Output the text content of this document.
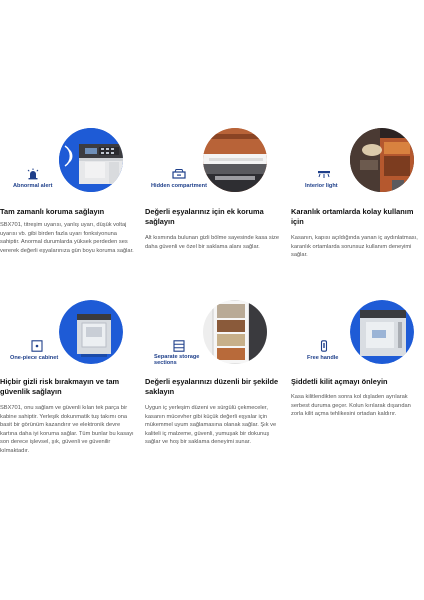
Abnormal alert
Tam zamanlı koruma sağlayın
SBX701, titreşim uyarısı, yanlış uyarı, düşük voltaj uyarısı vb. gibi birden fazla uyarı fonksiyonuna sahiptir. Anormal durumlarda yüksek perdeden ses vererek değerli eşyalarınıza gün boyu koruma sağlar.
Hidden compartment
Değerli eşyalarınız için ek koruma sağlayın
Alt kısmında bulunan gizli bölme sayesinde kasa size daha güvenli ve özel bir saklama alanı sağlar.
Interior light
Karanlık ortamlarda kolay kullanım için
Kasanın, kapısı açıldığında yanan iç aydınlatması, karanlık ortamlarda sorunsuz kullanım deneyimi sağlar.
One-piece cabinet
Hiçbir gizli risk bırakmayın ve tam güvenlik sağlayın
SBX701, onu sağlam ve güvenli kılan tek parça bir kabine sahiptir. Yerleşik dokunmatik tuş takımı ona basit bir görünüm kazandırır ve elektronik devre kartına daha iyi koruma sağlar. Tüm bunlar bu kasayı son derece işlevsel, şık, güvenli ve güvenilir kılmaktadır.
Separate storage sections
Değerli eşyalarınızı düzenli bir şekilde saklayın
Uygun iç yerleşim düzeni ve sürgülü çekmeceler, kasanın mücevher gibi küçük değerli eşyalar için mükemmel uyum sağlamasına olanak sağlar. Şık ve kaliteli iç malzeme, güvenli, yumuşak bir dokunuş sağlar ve hoş bir saklama deneyimi sunar.
Free handle
Şiddetli kilit açmayı önleyin
Kasa kilitlendikten sonra kol dışladen ayrılarak serbest duruma geçer. Kolun kırılarak dışarıdan zorla kilit açma tehlikesini ortadan kaldırır.
